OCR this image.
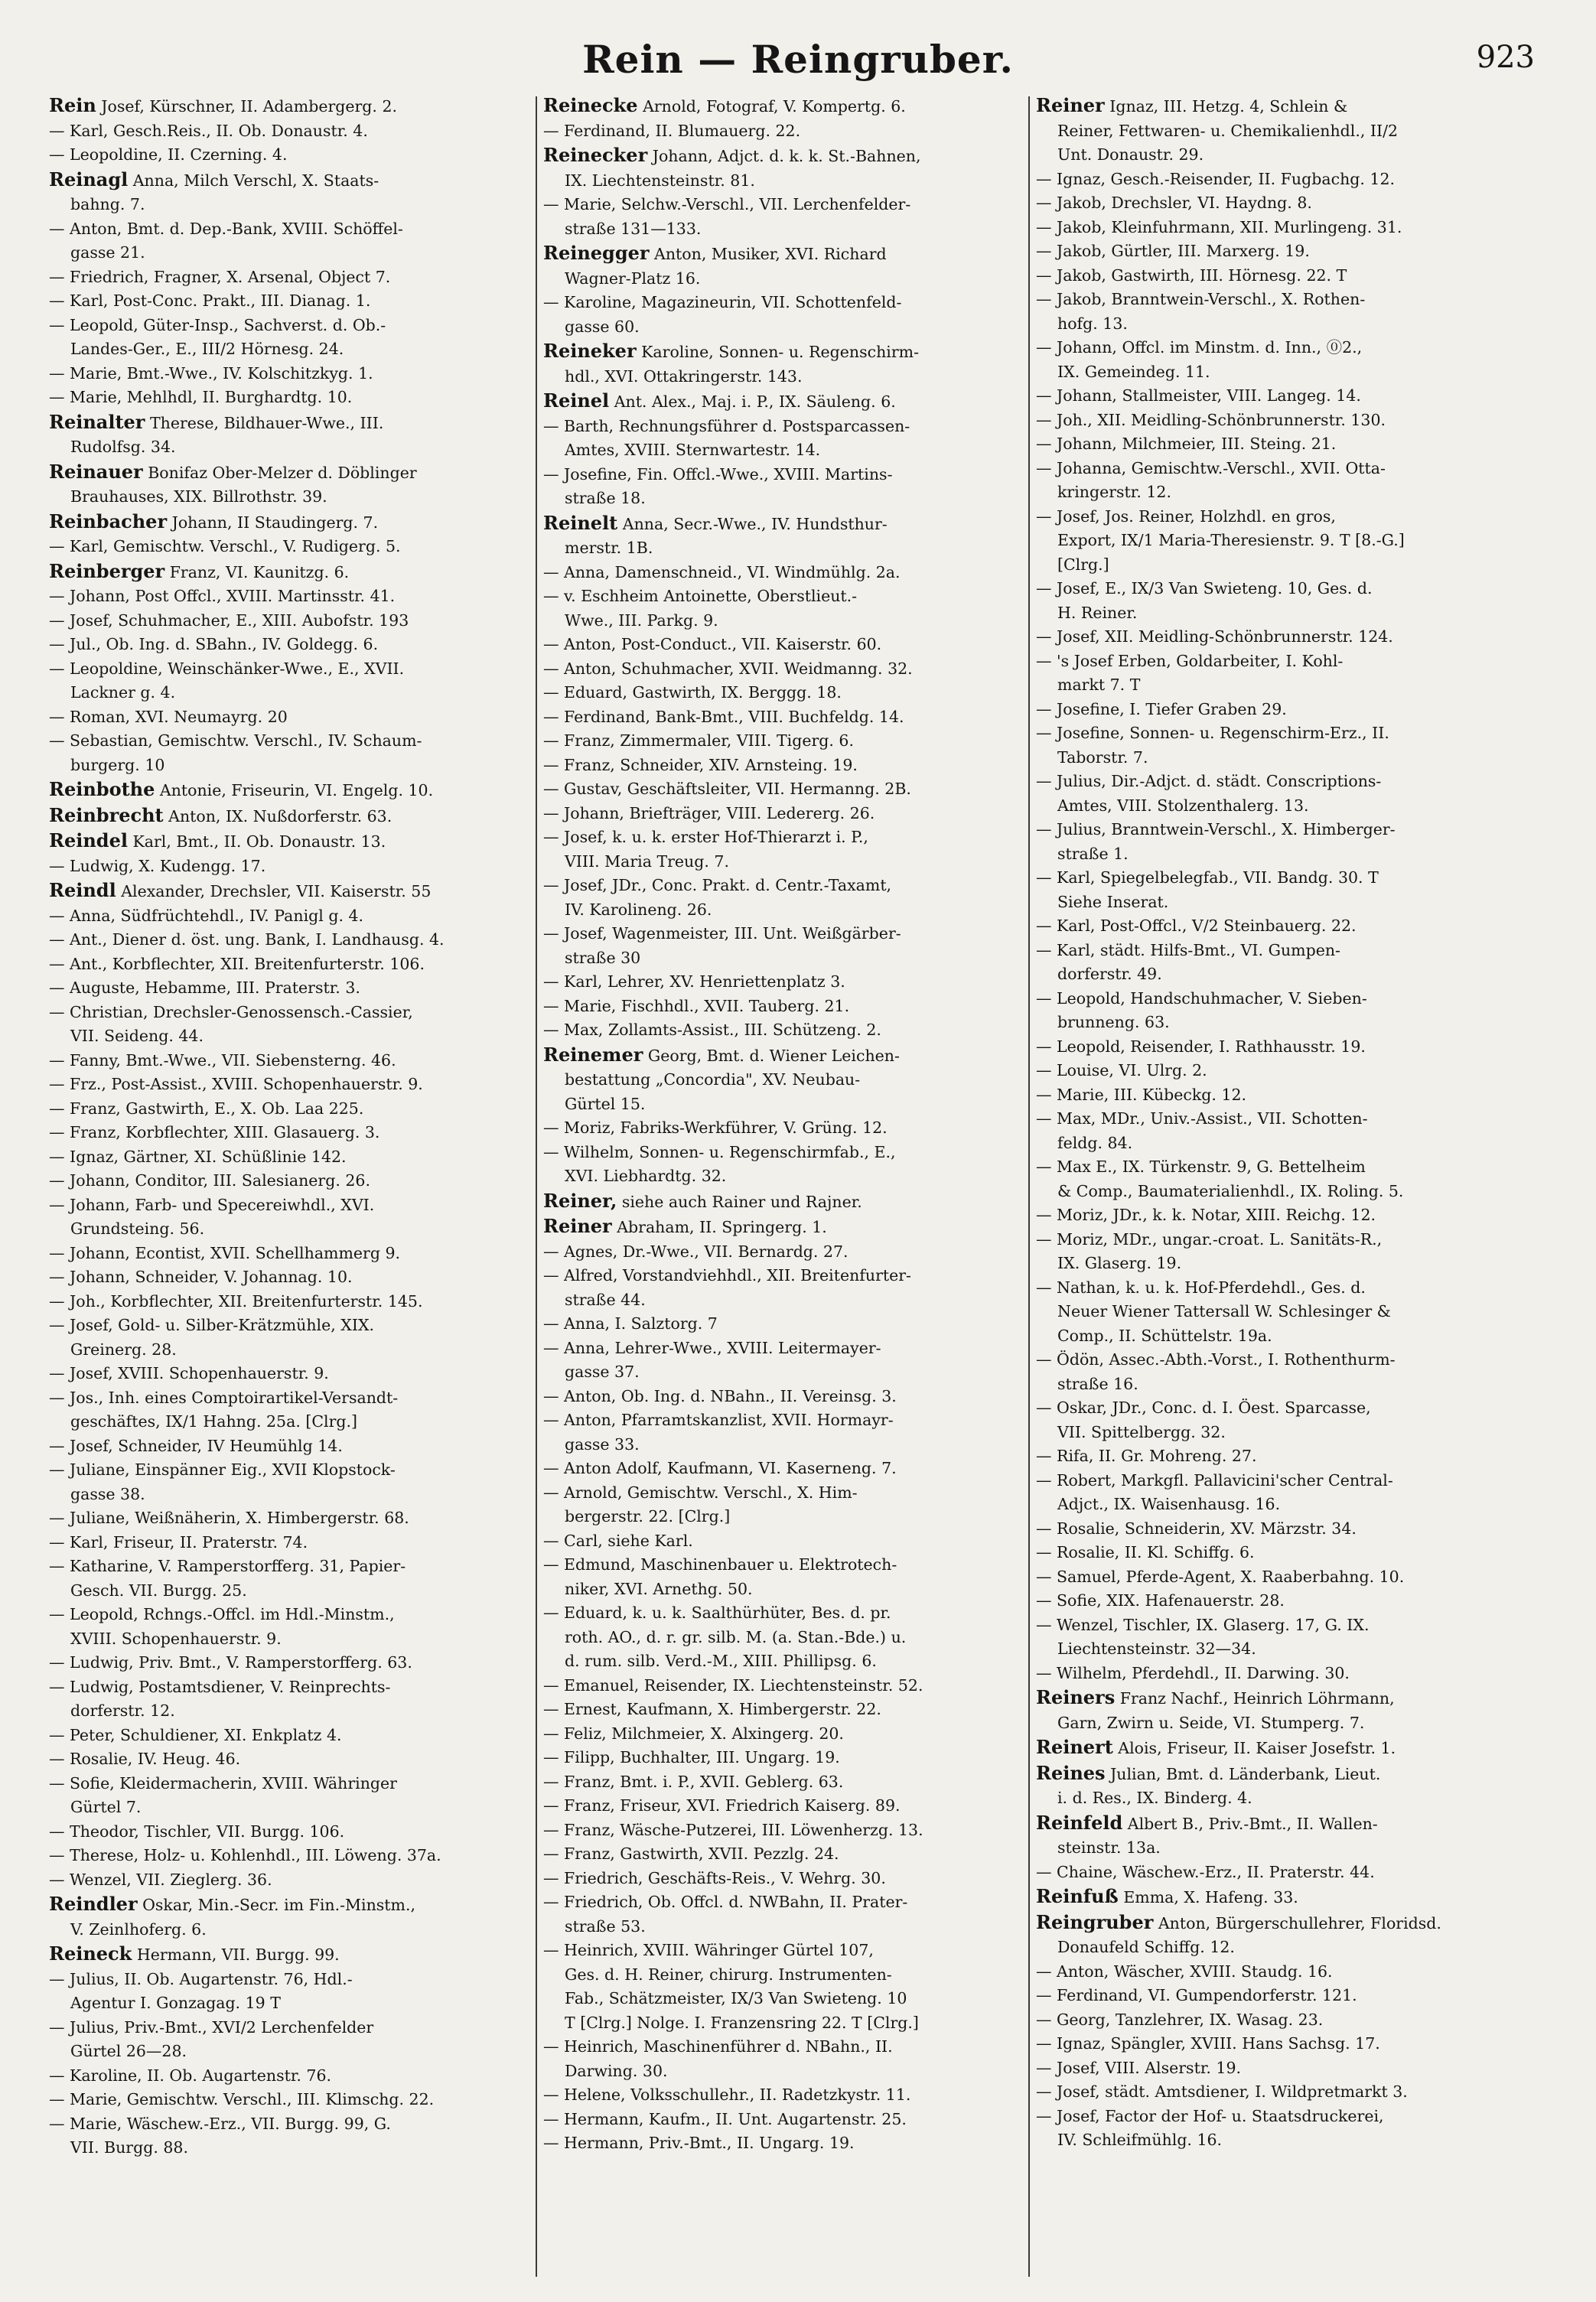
Rein — Reingruber.	923
Rein Josef, Kürschner, II. Adambergerg. 2.
— Karl, Gesch.Reis., II. Ob. Donaustr. 4.
— Leopoldine, II. Czerning. 4.
Reinagl Anna, Milch Verschl, X. Staats-
bahng. 7.
— Anton, Bmt. d. Dep.-Bank, XVIII. Schöffel-
gasse 21.
— Friedrich, Fragner, X. Arsenal, Object 7.
— Karl, Post-Conc. Prakt., III. Dianag. 1.
— Leopold, Güter-Insp., Sachverst. d. Ob.-
Landes-Ger., E., III/2 Hörnesg. 24.
— Marie, Bmt.-Wwe., IV. Kolschitzkyg. 1.
— Marie, Mehlhdl, II. Burghardtg. 10.
Reinalter Therese, Bildhauer-Wwe., III.
Rudolfsg. 34.
Reinauer Bonifaz Ober-Melzer d. Döblinger
Brauhauses, XIX. Billrothstr. 39.
Reinbacher Johann, II Staudingerg. 7.
— Karl, Gemischtw. Verschl., V. Rudigerg. 5.
Reinberger Franz, VI. Kaunitzg. 6.
— Johann, Post Offcl., XVIII. Martinsstr. 41.
— Josef, Schuhmacher, E., XIII. Aubofstr. 193
— Jul., Ob. Ing. d. SBahn., IV. Goldegg. 6.
— Leopoldine, Weinschänker-Wwe., E., XVII.
Lackner g. 4.
— Roman, XVI. Neumayrg. 20
— Sebastian, Gemischtw. Verschl., IV. Schaum-
burgerg. 10
Reinbothe Antonie, Friseurin, VI. Engelg. 10.
Reinbrecht Anton, IX. Nußdorferstr. 63.
Reindel Karl, Bmt., II. Ob. Donaustr. 13.
— Ludwig, X. Kudengg. 17.
Reindl Alexander, Drechsler, VII. Kaiserstr. 55
— Anna, Südfrüchtehdl., IV. Panigl g. 4.
— Ant., Diener d. öst. ung. Bank, I. Landhausg. 4.
— Ant., Korbflechter, XII. Breitenfurterstr. 106.
— Auguste, Hebamme, III. Praterstr. 3.
— Christian, Drechsler-Genossensch.-Cassier,
VII. Seideng. 44.
— Fanny, Bmt.-Wwe., VII. Siebensterng. 46.
— Frz., Post-Assist., XVIII. Schopenhauerstr. 9.
— Franz, Gastwirth, E., X. Ob. Laa 225.
— Franz, Korbflechter, XIII. Glasauerg. 3.
— Ignaz, Gärtner, XI. Schüßlinie 142.
— Johann, Conditor, III. Salesianerg. 26.
— Johann, Farb- und Specereiwhdl., XVI.
Grundsteing. 56.
— Johann, Econtist, XVII. Schellhammerg 9.
— Johann, Schneider, V. Johannag. 10.
— Joh., Korbflechter, XII. Breitenfurterstr. 145.
— Josef, Gold- u. Silber-Krätzmühle, XIX.
Greinerg. 28.
— Josef, XVIII. Schopenhauerstr. 9.
— Jos., Inh. eines Comptoirartikel-Versandt-
geschäftes, IX/1 Hahng. 25a. [Clrg.]
— Josef, Schneider, IV Heumühlg 14.
— Juliane, Einspänner Eig., XVII Klopstock-
gasse 38.
— Juliane, Weißnäherin, X. Himbergerstr. 68.
— Karl, Friseur, II. Praterstr. 74.
— Katharine, V. Ramperstorfferg. 31, Papier-
Gesch. VII. Burgg. 25.
— Leopold, Rchngs.-Offcl. im Hdl.-Minstm.,
XVIII. Schopenhauerstr. 9.
— Ludwig, Priv. Bmt., V. Ramperstorfferg. 63.
— Ludwig, Postamtsdiener, V. Reinprechts-
dorferstr. 12.
— Peter, Schuldiener, XI. Enkplatz 4.
— Rosalie, IV. Heug. 46.
— Sofie, Kleidermacherin, XVIII. Währinger
Gürtel 7.
— Theodor, Tischler, VII. Burgg. 106.
— Therese, Holz- u. Kohlenhdl., III. Löweng. 37a.
— Wenzel, VII. Zieglerg. 36.
Reindler Oskar, Min.-Secr. im Fin.-Minstm.,
V. Zeinlhoferg. 6.
Reineck Hermann, VII. Burgg. 99.
— Julius, II. Ob. Augartenstr. 76, Hdl.-
Agentur I. Gonzagag. 19 T
— Julius, Priv.-Bmt., XVI/2 Lerchenfelder
Gürtel 26—28.
— Karoline, II. Ob. Augartenstr. 76.
— Marie, Gemischtw. Verschl., III. Klimschg. 22.
— Marie, Wäschew.-Erz., VII. Burgg. 99, G.
VII. Burgg. 88.
Reinecke Arnold, Fotograf, V. Kompertg. 6.
— Ferdinand, II. Blumauerg. 22.
Reinecker Johann, Adjct. d. k. k. St.-Bahnen,
IX. Liechtensteinstr. 81.
— Marie, Selchw.-Verschl., VII. Lerchenfelder-
straße 131—133.
Reinegger Anton, Musiker, XVI. Richard
Wagner-Platz 16.
— Karoline, Magazineurin, VII. Schottenfeld-
gasse 60.
Reineker Karoline, Sonnen- u. Regenschirm-
hdl., XVI. Ottakringerstr. 143.
Reinel Ant. Alex., Maj. i. P., IX. Säuleng. 6.
— Barth, Rechnungsführer d. Postsparcassen-
Amtes, XVIII. Sternwartestr. 14.
— Josefine, Fin. Offcl.-Wwe., XVIII. Martins-
straße 18.
Reinelt Anna, Secr.-Wwe., IV. Hundsthur-
merstr. 1B.
— Anna, Damenschneid., VI. Windmühlg. 2a.
— v. Eschheim Antoinette, Oberstlieut.-
Wwe., III. Parkg. 9.
— Anton, Post-Conduct., VII. Kaiserstr. 60.
— Anton, Schuhmacher, XVII. Weidmanng. 32.
— Eduard, Gastwirth, IX. Berggg. 18.
— Ferdinand, Bank-Bmt., VIII. Buchfeldg. 14.
— Franz, Zimmermaler, VIII. Tigerg. 6.
— Franz, Schneider, XIV. Arnsteing. 19.
— Gustav, Geschäftsleiter, VII. Hermanng. 2B.
— Johann, Briefträger, VIII. Ledererg. 26.
— Josef, k. u. k. erster Hof-Thierarzt i. P.,
VIII. Maria Treug. 7.
— Josef, JDr., Conc. Prakt. d. Centr.-Taxamt,
IV. Karolineng. 26.
— Josef, Wagenmeister, III. Unt. Weißgärber-
straße 30
— Karl, Lehrer, XV. Henriettenplatz 3.
— Marie, Fischhdl., XVII. Tauberg. 21.
— Max, Zollamts-Assist., III. Schützeng. 2.
Reinemer Georg, Bmt. d. Wiener Leichen-
bestattung „Concordia", XV. Neubau-
Gürtel 15.
— Moriz, Fabriks-Werkführer, V. Grüng. 12.
— Wilhelm, Sonnen- u. Regenschirmfab., E.,
XVI. Liebhardtg. 32.
Reiner, siehe auch Rainer und Rajner.
Reiner Abraham, II. Springerg. 1.
— Agnes, Dr.-Wwe., VII. Bernardg. 27.
— Alfred, Vorstandviehhdl., XII. Breitenfurter-
straße 44.
— Anna, I. Salztorg. 7
— Anna, Lehrer-Wwe., XVIII. Leitermayer-
gasse 37.
— Anton, Ob. Ing. d. NBahn., II. Vereinsg. 3.
— Anton, Pfarramtskanzlist, XVII. Hormayr-
gasse 33.
— Anton Adolf, Kaufmann, VI. Kaserneng. 7.
— Arnold, Gemischtw. Verschl., X. Him-
bergerstr. 22. [Clrg.]
— Carl, siehe Karl.
— Edmund, Maschinenbauer u. Elektrotech-
niker, XVI. Arnethg. 50.
— Eduard, k. u. k. Saalthürhüter, Bes. d. pr.
roth. AO., d. r. gr. silb. M. (a. Stan.-Bde.) u.
d. rum. silb. Verd.-M., XIII. Phillipsg. 6.
— Emanuel, Reisender, IX. Liechtensteinstr. 52.
— Ernest, Kaufmann, X. Himbergerstr. 22.
— Feliz, Milchmeier, X. Alxingerg. 20.
— Filipp, Buchhalter, III. Ungarg. 19.
— Franz, Bmt. i. P., XVII. Geblerg. 63.
— Franz, Friseur, XVI. Friedrich Kaiserg. 89.
— Franz, Wäsche-Putzerei, III. Löwenherzg. 13.
— Franz, Gastwirth, XVII. Pezzlg. 24.
— Friedrich, Geschäfts-Reis., V. Wehrg. 30.
— Friedrich, Ob. Offcl. d. NWBahn, II. Prater-
straße 53.
— Heinrich, XVIII. Währinger Gürtel 107,
Ges. d. H. Reiner, chirurg. Instrumenten-
Fab., Schätzmeister, IX/3 Van Swieteng. 10
T [Clrg.] Nolge. I. Franzensring 22. T [Clrg.]
— Heinrich, Maschinenführer d. NBahn., II.
Darwing. 30.
— Helene, Volksschullehr., II. Radetzkystr. 11.
— Hermann, Kaufm., II. Unt. Augartenstr. 25.
— Hermann, Priv.-Bmt., II. Ungarg. 19.
Reiner Ignaz, III. Hetzg. 4, Schlein &
Reiner, Fettwaren- u. Chemikalienhdl., II/2
Unt. Donaustr. 29.
— Ignaz, Gesch.-Reisender, II. Fugbachg. 12.
— Jakob, Drechsler, VI. Haydng. 8.
— Jakob, Kleinfuhrmann, XII. Murlingeng. 31.
— Jakob, Gürtler, III. Marxerg. 19.
— Jakob, Gastwirth, III. Hörnesg. 22. T
— Jakob, Branntwein-Verschl., X. Rothen-
hofg. 13.
— Johann, Offcl. im Minstm. d. Inn., ⓪2.,
IX. Gemeindeg. 11.
— Johann, Stallmeister, VIII. Langeg. 14.
— Joh., XII. Meidling-Schönbrunnerstr. 130.
— Johann, Milchmeier, III. Steing. 21.
— Johanna, Gemischtw.-Verschl., XVII. Otta-
kringerstr. 12.
— Josef, Jos. Reiner, Holzhdl. en gros,
Export, IX/1 Maria-Theresienstr. 9. T [8.-G.]
[Clrg.]
— Josef, E., IX/3 Van Swieteng. 10, Ges. d.
H. Reiner.
— Josef, XII. Meidling-Schönbrunnerstr. 124.
— 's Josef Erben, Goldarbeiter, I. Kohl-
markt 7. T
— Josefine, I. Tiefer Graben 29.
— Josefine, Sonnen- u. Regenschirm-Erz., II.
Taborstr. 7.
— Julius, Dir.-Adjct. d. städt. Conscriptions-
Amtes, VIII. Stolzenthalerg. 13.
— Julius, Branntwein-Verschl., X. Himberger-
straße 1.
— Karl, Spiegelbelegfab., VII. Bandg. 30. T
Siehe Inserat.
— Karl, Post-Offcl., V/2 Steinbauerg. 22.
— Karl, städt. Hilfs-Bmt., VI. Gumpen-
dorferstr. 49.
— Leopold, Handschuhmacher, V. Sieben-
brunneng. 63.
— Leopold, Reisender, I. Rathhausstr. 19.
— Louise, VI. Ulrg. 2.
— Marie, III. Kübeckg. 12.
— Max, MDr., Univ.-Assist., VII. Schotten-
feldg. 84.
— Max E., IX. Türkenstr. 9, G. Bettelheim
& Comp., Baumaterialienhdl., IX. Roling. 5.
— Moriz, JDr., k. k. Notar, XIII. Reichg. 12.
— Moriz, MDr., ungar.-croat. L. Sanitäts-R.,
IX. Glaserg. 19.
— Nathan, k. u. k. Hof-Pferdehdl., Ges. d.
Neuer Wiener Tattersall W. Schlesinger &
Comp., II. Schüttelstr. 19a.
— Ödön, Assec.-Abth.-Vorst., I. Rothenthurm-
straße 16.
— Oskar, JDr., Conc. d. I. Öest. Sparcasse,
VII. Spittelbergg. 32.
— Rifa, II. Gr. Mohreng. 27.
— Robert, Markgfl. Pallavicini'scher Central-
Adjct., IX. Waisenhausg. 16.
— Rosalie, Schneiderin, XV. Märzstr. 34.
— Rosalie, II. Kl. Schiffg. 6.
— Samuel, Pferde-Agent, X. Raaberbahng. 10.
— Sofie, XIX. Hafenauerstr. 28.
— Wenzel, Tischler, IX. Glaserg. 17, G. IX.
Liechtensteinstr. 32—34.
— Wilhelm, Pferdehdl., II. Darwing. 30.
Reiners Franz Nachf., Heinrich Löhrmann,
Garn, Zwirn u. Seide, VI. Stumperg. 7.
Reinert Alois, Friseur, II. Kaiser Josefstr. 1.
Reines Julian, Bmt. d. Länderbank, Lieut.
i. d. Res., IX. Binderg. 4.
Reinfeld Albert B., Priv.-Bmt., II. Wallen-
steinstr. 13a.
— Chaine, Wäschew.-Erz., II. Praterstr. 44.
Reinfuß Emma, X. Hafeng. 33.
Reingruber Anton, Bürgerschullehrer, Floridsd.
Donaufeld Schiffg. 12.
— Anton, Wäscher, XVIII. Staudg. 16.
— Ferdinand, VI. Gumpendorferstr. 121.
— Georg, Tanzlehrer, IX. Wasag. 23.
— Ignaz, Spängler, XVIII. Hans Sachsg. 17.
— Josef, VIII. Alserstr. 19.
— Josef, städt. Amtsdiener, I. Wildpretmarkt 3.
— Josef, Factor der Hof- u. Staatsdruckerei,
IV. Schleifmühlg. 16.
